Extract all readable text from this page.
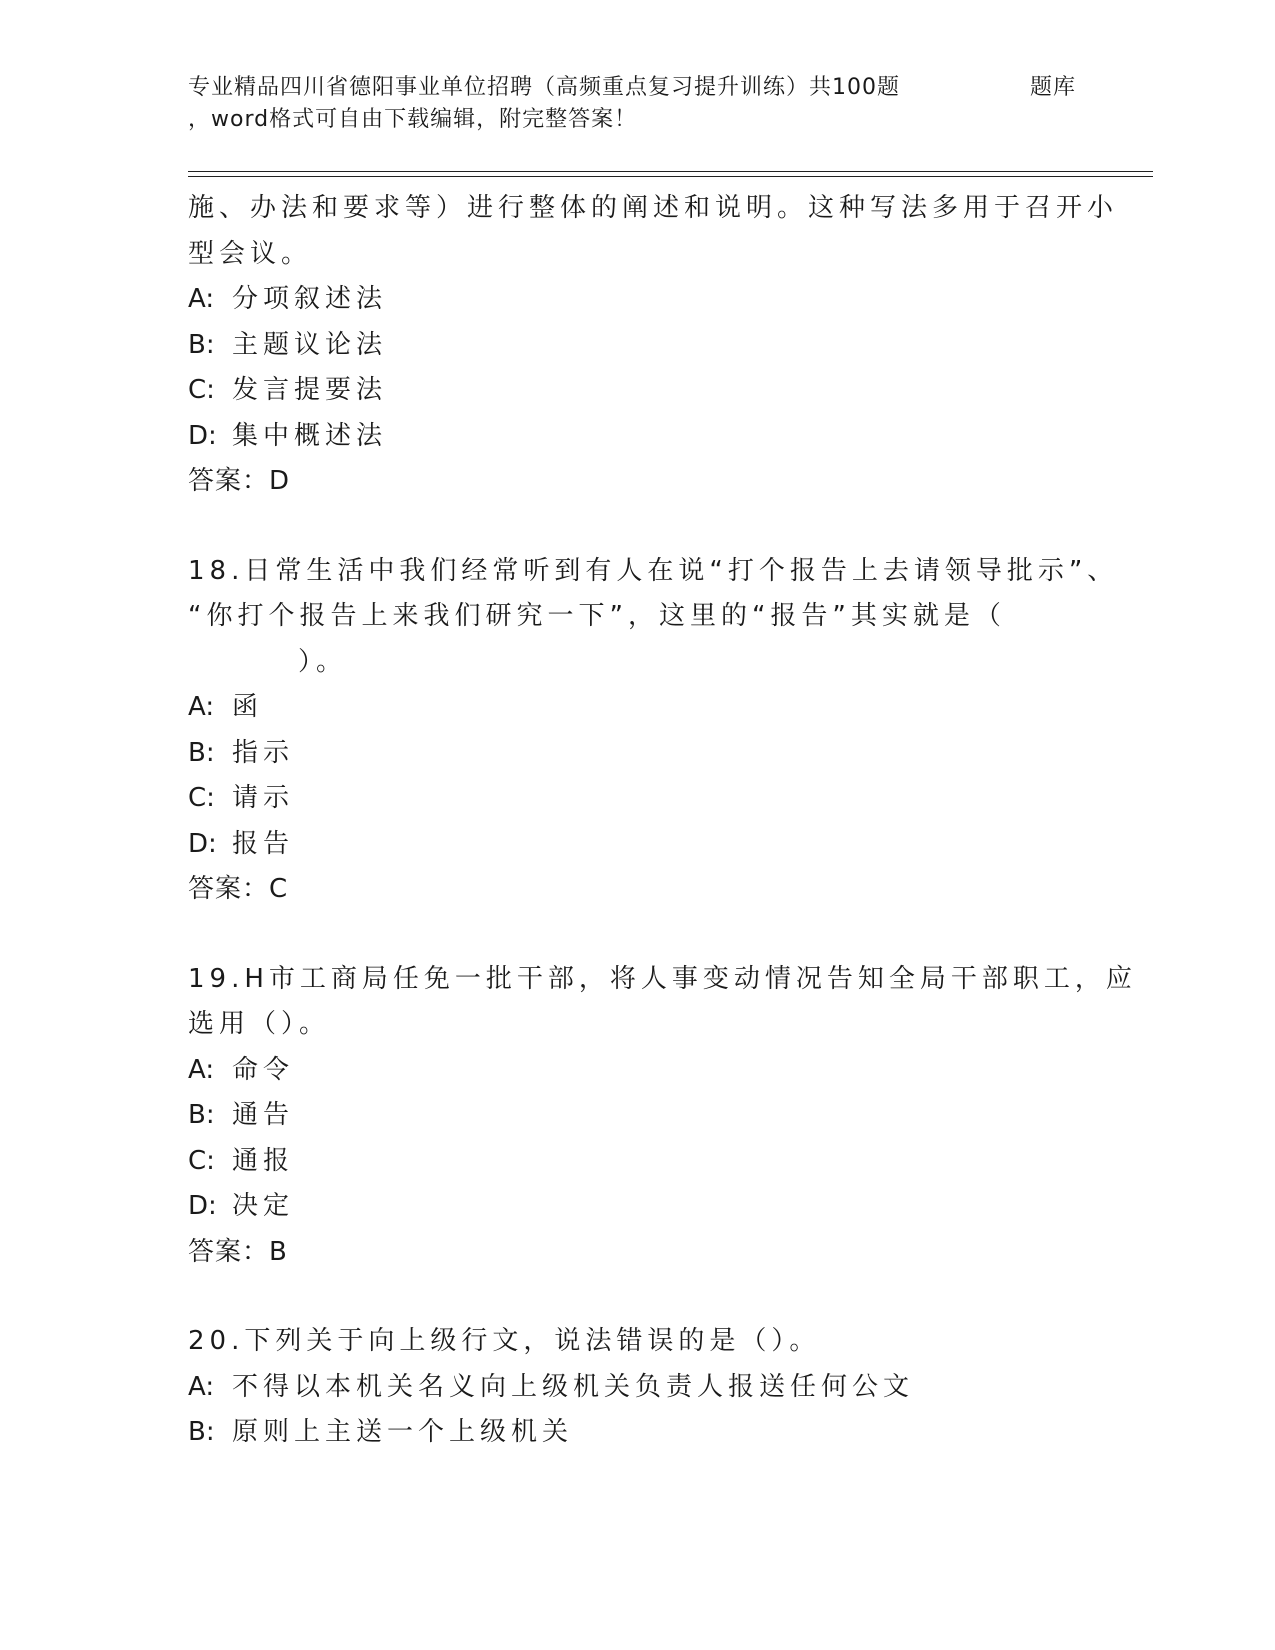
专业精品四川省德阳事业单位招聘（高频重点复习提升训练）共100题
，word格式可自由下载编辑，附完整答案！
题库
施、办法和要求等）进行整体的阐述和说明。这种写法多用于召开小
型会议。
A: 分项叙述法
B: 主题议论法
C: 发言提要法
D: 集中概述法
答案：D
18.日常生活中我们经常听到有人在说“打个报告上去请领导批示”、
“你打个报告上来我们研究一下”，这里的“报告”其实就是（
）。
A: 函
B: 指示
C: 请示
D: 报告
答案：C
19.H市工商局任免一批干部，将人事变动情况告知全局干部职工，应
选用（）。
A: 命令
B: 通告
C: 通报
D: 决定
答案：B
20.下列关于向上级行文，说法错误的是（）。
A: 不得以本机关名义向上级机关负责人报送任何公文
B: 原则上主送一个上级机关
